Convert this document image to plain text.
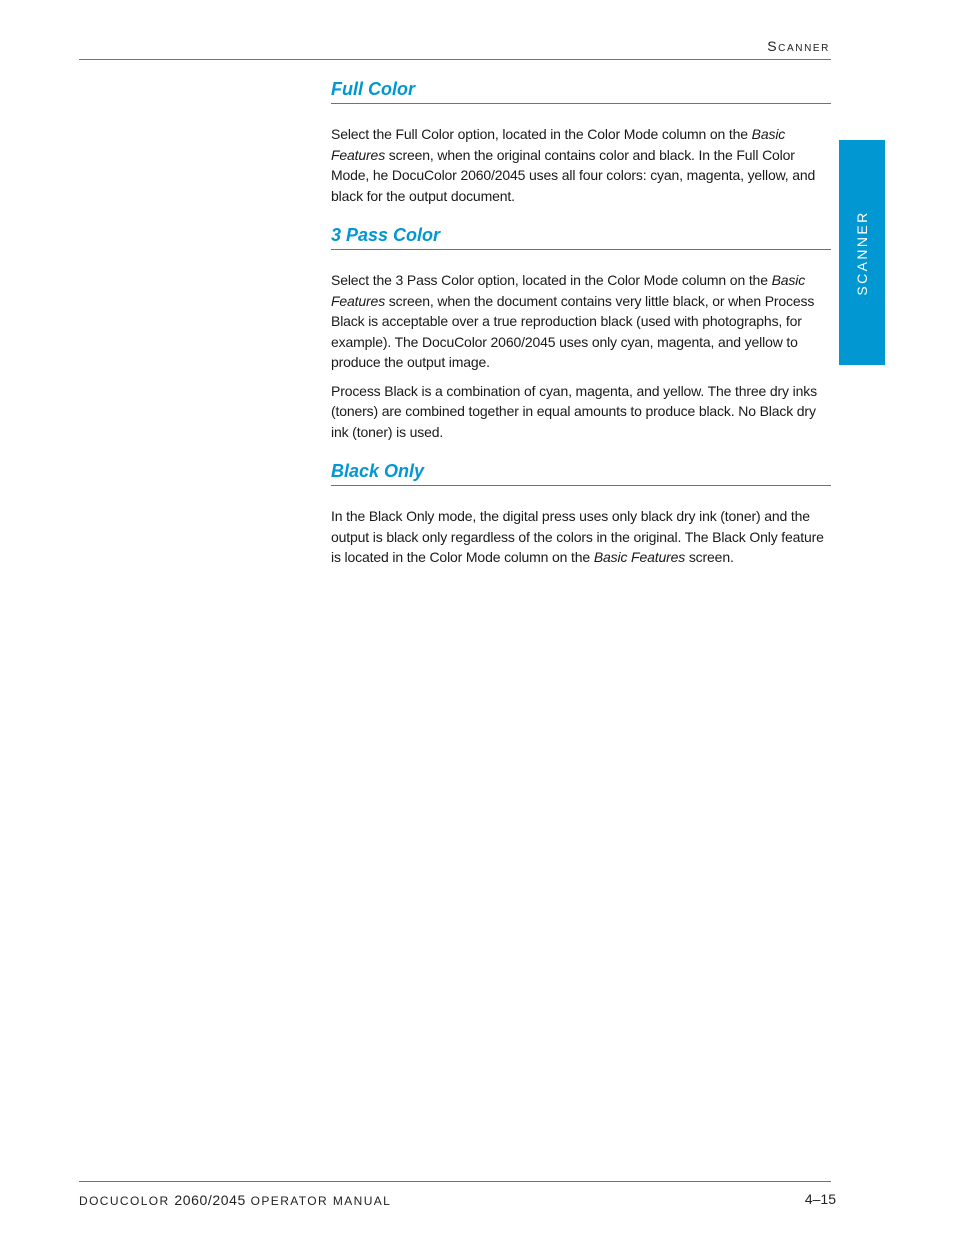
Scanner
SCANNER
Full Color

Select the Full Color option, located in the Color Mode column on the Basic Features screen, when the original contains color and black. In the Full Color Mode, he DocuColor 2060/2045 uses all four colors: cyan, magenta, yellow, and black for the output document.

3 Pass Color

Select the 3 Pass Color option, located in the Color Mode column on the Basic Features screen, when the document contains very little black, or when Process Black is acceptable over a true reproduction black (used with photographs, for example). The DocuColor 2060/2045 uses only cyan, magenta, and yellow to produce the output image.

Process Black is a combination of cyan, magenta, and yellow. The three dry inks (toners) are combined together in equal amounts to produce black. No Black dry ink (toner) is used.

Black Only

In the Black Only mode, the digital press uses only black dry ink (toner) and the output is black only regardless of the colors in the original. The Black Only feature is located in the Color Mode column on the Basic Features screen.

DOCUCOLOR 2060/2045 OPERATOR MANUAL	4–15
